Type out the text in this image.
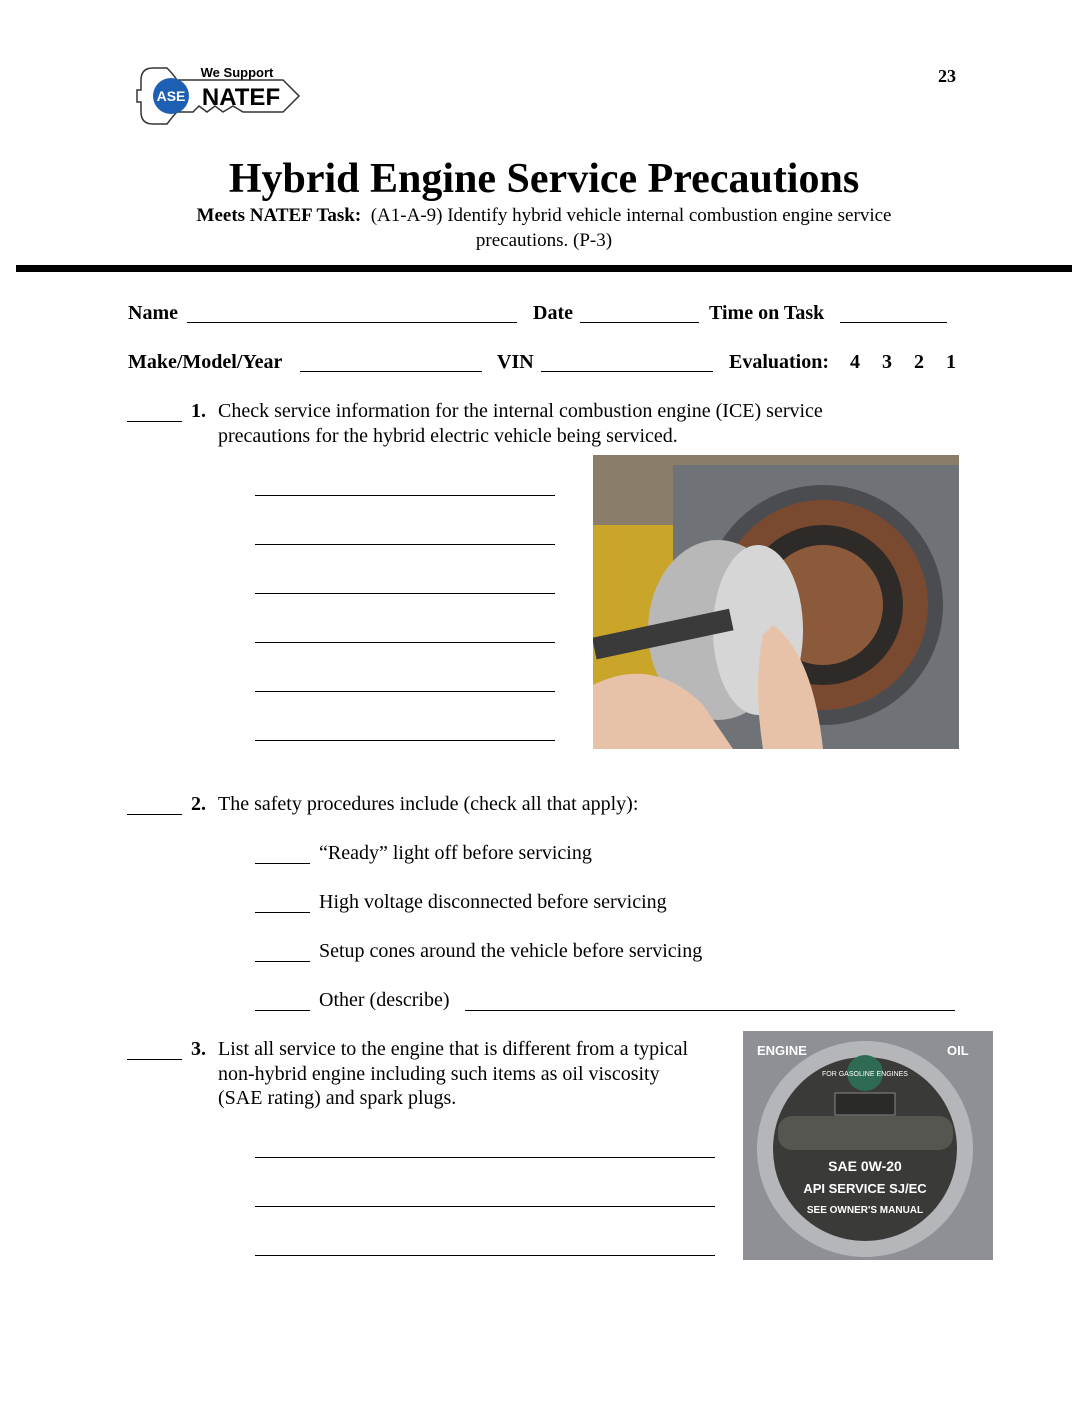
23
ASE
We Support
NATEF
Hybrid Engine Service Precautions
Meets NATEF Task: (A1-A-9) Identify hybrid vehicle internal combustion engine service
precautions. (P-3)
Name	Date	Time on Task
Make/Model/Year	VIN	Evaluation: 4 3 2 1
1. Check service information for the internal combustion engine (ICE) service
precautions for the hybrid electric vehicle being serviced.
2. The safety procedures include (check all that apply):
“Ready” light off before servicing
High voltage disconnected before servicing
Setup cones around the vehicle before servicing
Other (describe)
3. List all service to the engine that is different from a typical
non-hybrid engine including such items as oil viscosity
(SAE rating) and spark plugs.
FOR GASOLINE ENGINES
ENGINE	OIL
SAE 0W-20
API SERVICE SJ/EC
SEE OWNER'S MANUAL
